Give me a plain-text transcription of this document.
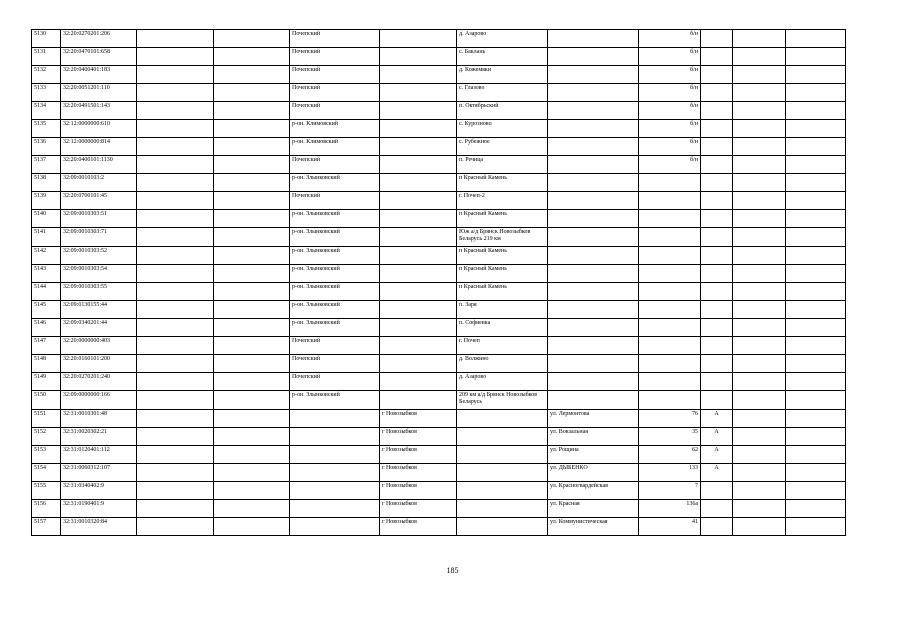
5130	32:20:0270201:206			Почепский		д. Азарово		б/н			
5131	32:20:0470101:658			Почепский		с. Баклань		б/н			
5132	32:20:0400401:183			Почепский		д. Кожемяки		б/н			
5133	32:20:0051201:110			Почепский		с. Глазово		б/н			
5134	32:20:0491501:143			Почепский		п. Октябрьский		б/н			
5135	32:12:0000000:610			р-он. Климовский		с. Курозново		б/н			
5136	32:12:0000000:814			р-он. Климовский		с. Рубежное		б/н			
5137	32:20:0400101:1130			Почепский		п. Речица		б/н			
5138	32:09:0010103:2			р-он. Злынковский		п Красный Камень					
5139	32:20:0700101:45			Почепский		г. Почеп-2					
5140	32:09:0010303:51			р-он. Злынковский		п Красный Камень					
5141	32:09:0010303:71			р-он. Злынковский		Юж а/д Брянск Новозыбков Беларусь 219 км					
5142	32:09:0010303:52			р-он. Злынковский		п Красный Камень					
5143	32:09:0010303:54			р-он. Злынковский		п Красный Камень					
5144	32:09:0010303:55			р-он. Злынковский		п Красный Камень					
5145	32:09:0130155:44			р-он. Злынковский		п. Заря					
5146	32:09:0340201:44			р-он. Злынковский		п. Софиевка					
5147	32:20:0000000:403			Почепский		г. Почеп					
5148	32:20:0160101:200			Почепский		д. Волжино					
5149	32:20:0270201:240			Почепский		д. Азарово					
5150	32:09:0000000:166			р-он. Злынковский		209 км а/д Брянск Новозыбков Беларусь					
5151	32:31:0010301:48				г Новозыбков		ул. Лермонтова	76	А		
5152	32:31:0020302:21				г Новозыбков		ул. Вокзальная	35	А		
5153	32:31:0120401:112				г Новозыбков		ул. Рощина	62	А		
5154	32:31:0060312:107				г Новозыбков		ул. ДЫБЕНКО	133	А		
5155	32:31:0340402:9				г Новозыбков		ул. Красногвардейская	7			
5156	32:31:0190401:9				г Новозыбков		ул. Красная	136а			
5157	32:31:0010320:84				г Новозыбков		ул. Коммунистическая	41			
185
